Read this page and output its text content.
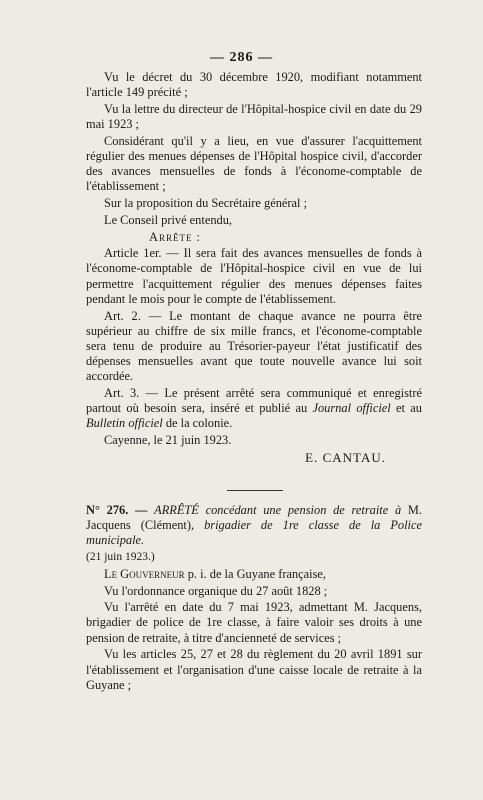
— 286 —

Vu le décret du 30 décembre 1920, modifiant notamment l'article 149 précité ;

Vu la lettre du directeur de l'Hôpital-hospice civil en date du 29 mai 1923 ;

Considérant qu'il y a lieu, en vue d'assurer l'acquittement régulier des menues dépenses de l'Hôpital hospice civil, d'accorder des avances mensuelles de fonds à l'économe-comptable de l'établissement ;

Sur la proposition du Secrétaire général ;

Le Conseil privé entendu,

Arrête :

Article 1er. — Il sera fait des avances mensuelles de fonds à l'économe-comptable de l'Hôpital-hospice civil en vue de lui permettre l'acquittement régulier des menues dépenses faites pendant le mois pour le compte de l'établissement.

Art. 2. — Le montant de chaque avance ne pourra être supérieur au chiffre de six mille francs, et l'économe-comptable sera tenu de produire au Trésorier-payeur l'état justificatif des dépenses mensuelles avant que toute nouvelle avance lui soit accordée.

Art. 3. — Le présent arrêté sera communiqué et enregistré partout où besoin sera, inséré et publié au Journal officiel et au Bulletin officiel de la colonie.

Cayenne, le 21 juin 1923.

E. CANTAU.

N° 276. — ARRÊTÉ concédant une pension de retraite à M. Jacquens (Clément), brigadier de 1re classe de la Police municipale.

(21 juin 1923.)

Le Gouverneur p. i. de la Guyane française,

Vu l'ordonnance organique du 27 août 1828 ;

Vu l'arrêté en date du 7 mai 1923, admettant M. Jacquens, brigadier de police de 1re classe, à faire valoir ses droits à une pension de retraite, à titre d'ancienneté de services ;

Vu les articles 25, 27 et 28 du règlement du 20 avril 1891 sur l'établissement et l'organisation d'une caisse locale de retraite à la Guyane ;
